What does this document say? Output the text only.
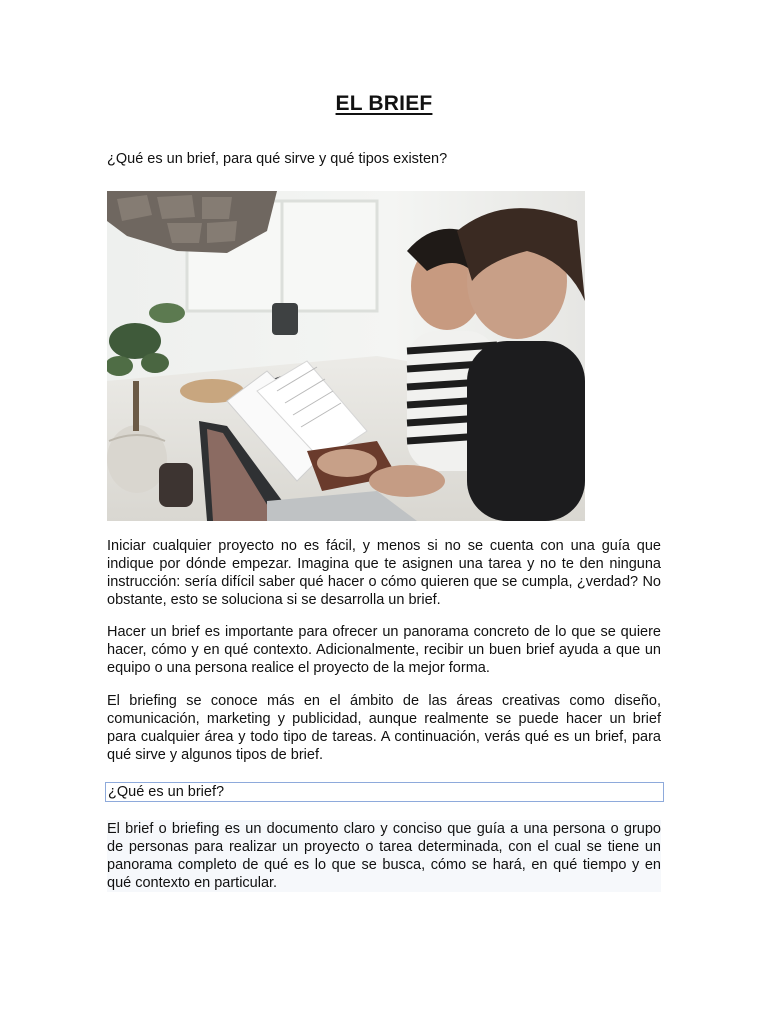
EL BRIEF
¿Qué es un brief, para qué sirve y qué tipos existen?

Iniciar cualquier proyecto no es fácil, y menos si no se cuenta con una guía que indique por dónde empezar. Imagina que te asignen una tarea y no te den ninguna instrucción: sería difícil saber qué hacer o cómo quieren que se cumpla, ¿verdad? No obstante, esto se soluciona si se desarrolla un brief.

Hacer un brief es importante para ofrecer un panorama concreto de lo que se quiere hacer, cómo y en qué contexto. Adicionalmente, recibir un buen brief ayuda a que un equipo o una persona realice el proyecto de la mejor forma.

El briefing se conoce más en el ámbito de las áreas creativas como diseño, comunicación, marketing y publicidad, aunque realmente se puede hacer un brief para cualquier área y todo tipo de tareas. A continuación, verás qué es un brief, para qué sirve y algunos tipos de brief.

¿Qué es un brief?

El brief o briefing es un documento claro y conciso que guía a una persona o grupo de personas para realizar un proyecto o tarea determinada, con el cual se tiene un panorama completo de qué es lo que se busca, cómo se hará, en qué tiempo y en qué contexto en particular.
